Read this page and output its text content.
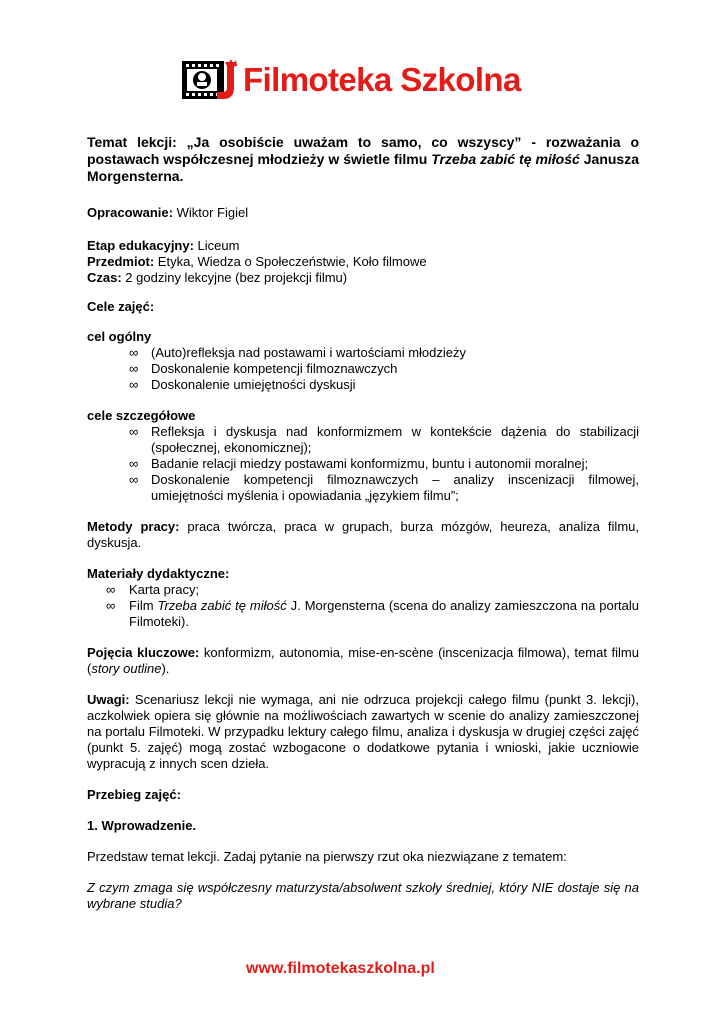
Filmoteka Szkolna

Temat lekcji: „Ja osobiście uważam to samo, co wszyscy” - rozważania o postawach współczesnej młodzieży w świetle filmu Trzeba zabić tę miłość Janusza Morgensterna.

Opracowanie: Wiktor Figiel

Etap edukacyjny: Liceum

Przedmiot: Etyka, Wiedza o Społeczeństwie, Koło filmowe

Czas: 2 godziny lekcyjne (bez projekcji filmu)

Cele zajęć:

cel ogólny

∞ (Auto)refleksja nad postawami i wartościami młodzieży
∞ Doskonalenie kompetencji filmoznawczych
∞ Doskonalenie umiejętności dyskusji

cele szczegółowe

∞ Refleksja i dyskusja nad konformizmem w kontekście dążenia do stabilizacji (społecznej, ekonomicznej);
∞ Badanie relacji miedzy postawami konformizmu, buntu i autonomii moralnej;
∞ Doskonalenie kompetencji filmoznawczych – analizy inscenizacji filmowej, umiejętności myślenia i opowiadania „językiem filmu”;

Metody pracy: praca twórcza, praca w grupach, burza mózgów, heureza, analiza filmu, dyskusja.

Materiały dydaktyczne:

∞ Karta pracy;
∞ Film Trzeba zabić tę miłość J. Morgensterna (scena do analizy zamieszczona na portalu Filmoteki).

Pojęcia kluczowe: konformizm, autonomia, mise-en-scène (inscenizacja filmowa), temat filmu (story outline).

Uwagi: Scenariusz lekcji nie wymaga, ani nie odrzuca projekcji całego filmu (punkt 3. lekcji), aczkolwiek opiera się głównie na możliwościach zawartych w scenie do analizy zamieszczonej na portalu Filmoteki. W przypadku lektury całego filmu, analiza i dyskusja w drugiej części zajęć (punkt 5. zajęć) mogą zostać wzbogacone o dodatkowe pytania i wnioski, jakie uczniowie wypracują z innych scen dzieła.

Przebieg zajęć:

1. Wprowadzenie.

Przedstaw temat lekcji. Zadaj pytanie na pierwszy rzut oka niezwiązane z tematem:

Z czym zmaga się współczesny maturzysta/absolwent szkoły średniej, który NIE dostaje się na wybrane studia?

www.filmotekaszkolna.pl
